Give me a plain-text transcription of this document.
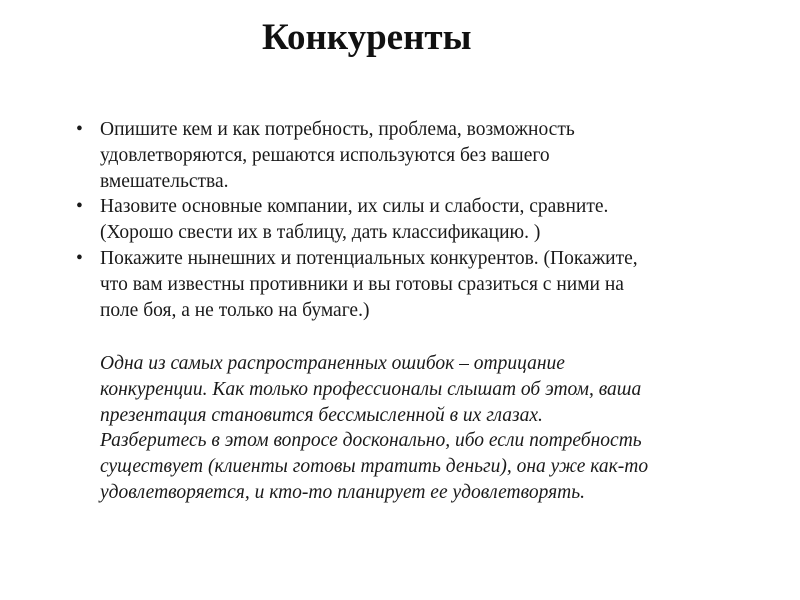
Конкуренты
• Опишите кем и как потребность, проблема, возможность
удовлетворяются, решаются используются без вашего
вмешательства.
• Назовите основные компании, их силы и слабости, сравните.
(Хорошо свести их в таблицу, дать классификацию. )
• Покажите нынешних и потенциальных конкурентов. (Покажите,
что вам известны противники и вы готовы сразиться с ними на
поле боя, а не только на бумаге.)
Одна из самых распространенных ошибок – отрицание
конкуренции. Как только профессионалы слышат об этом, ваша
презентация становится бессмысленной в их глазах.
Разберитесь в этом вопросе досконально, ибо если потребность
существует (клиенты готовы тратить деньги), она уже как-то
удовлетворяется, и кто-то планирует ее удовлетворять.
